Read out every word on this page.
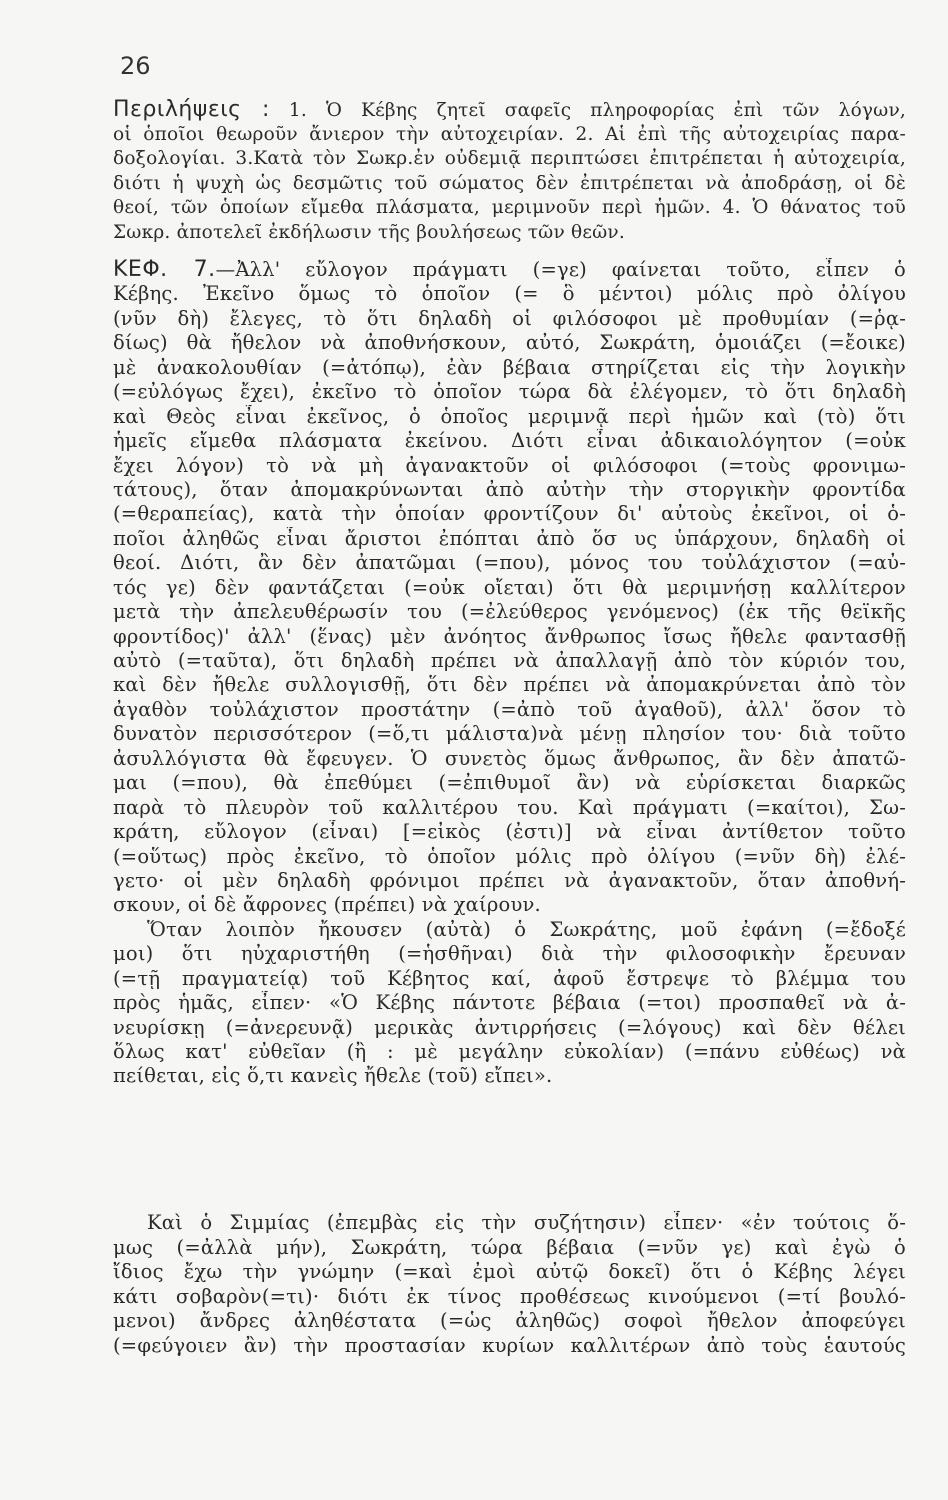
26
Περιλήψεις : 1. Ὁ Κέβης ζητεῖ σαφεῖς πληροφορίας ἐπὶ τῶν λόγων,
οἱ ὁποῖοι θεωροῦν ἄνιερον τὴν αὐτοχειρίαν. 2. Αἱ ἐπὶ τῆς αὐτοχειρίας παρα-
δοξολογίαι. 3.Κατὰ τὸν Σωκρ.ἐν οὐδεμιᾷ περιπτώσει ἐπιτρέπεται ἡ αὐτοχειρία,
διότι ἡ ψυχὴ ὡς δεσμῶτις τοῦ σώματος δὲν ἐπιτρέπεται νὰ ἀποδράσῃ, οἱ δὲ
θεοί, τῶν ὁποίων εἴμεθα πλάσματα, μεριμνοῦν περὶ ἡμῶν. 4. Ὁ θάνατος τοῦ
Σωκρ. ἀποτελεῖ ἐκδήλωσιν τῆς βουλήσεως τῶν θεῶν.
ΚΕΦ. 7.—Ἀλλ' εὔλογον πράγματι (=γε) φαίνεται τοῦτο, εἶπεν ὁ
Κέβης. Ἐκεῖνο ὅμως τὸ ὁποῖον (= ὃ μέντοι) μόλις πρὸ ὀλίγου
(νῦν δὴ) ἔλεγες, τὸ ὅτι δηλαδὴ οἱ φιλόσοφοι μὲ προθυμίαν (=ῥᾳ-
δίως) θὰ ἤθελον νὰ ἀποθνήσκουν, αὐτό, Σωκράτη, ὁμοιάζει (=ἔοικε)
μὲ ἀνακολουθίαν (=ἀτόπῳ), ἐὰν βέβαια στηρίζεται εἰς τὴν λογικὴν
(=εὐλόγως ἔχει), ἐκεῖνο τὸ ὁποῖον τώρα δὰ ἐλέγομεν, τὸ ὅτι δηλαδὴ
καὶ Θεὸς εἶναι ἐκεῖνος, ὁ ὁποῖος μεριμνᾷ περὶ ἡμῶν καὶ (τὸ) ὅτι
ἡμεῖς εἴμεθα πλάσματα ἐκείνου. Διότι εἶναι ἀδικαιολόγητον (=οὐκ
ἔχει λόγον) τὸ νὰ μὴ ἀγανακτοῦν οἱ φιλόσοφοι (=τοὺς φρονιμω-
τάτους), ὅταν ἀπομακρύνωνται ἀπὸ αὐτὴν τὴν στοργικὴν φροντίδα
(=θεραπείας), κατὰ τὴν ὁποίαν φροντίζουν δι' αὐτοὺς ἐκεῖνοι, οἱ ὁ-
ποῖοι ἀληθῶς εἶναι ἄριστοι ἐπόπται ἀπὸ ὅσ υς ὑπάρχουν, δηλαδὴ οἱ
θεοί. Διότι, ἂν δὲν ἀπατῶμαι (=που), μόνος του τοὐλάχιστον (=αὐ-
τός γε) δὲν φαντάζεται (=οὐκ οἴεται) ὅτι θὰ μεριμνήσῃ καλλίτερον
μετὰ τὴν ἀπελευθέρωσίν του (=ἐλεύθερος γενόμενος) (ἐκ τῆς θεϊκῆς
φροντίδος)' ἀλλ' (ἕνας) μὲν ἀνόητος ἄνθρωπος ἴσως ἤθελε φαντασθῇ
αὐτὸ (=ταῦτα), ὅτι δηλαδὴ πρέπει νὰ ἀπαλλαγῇ ἀπὸ τὸν κύριόν του,
καὶ δὲν ἤθελε συλλογισθῇ, ὅτι δὲν πρέπει νὰ ἀπομακρύνεται ἀπὸ τὸν
ἀγαθὸν τοὐλάχιστον προστάτην (=ἀπὸ τοῦ ἀγαθοῦ), ἀλλ' ὅσον τὸ
δυνατὸν περισσότερον (=ὅ,τι μάλιστα)νὰ μένῃ πλησίον του· διὰ τοῦτο
ἀσυλλόγιστα θὰ ἔφευγεν. Ὁ συνετὸς ὅμως ἄνθρωπος, ἂν δὲν ἀπατῶ-
μαι (=που), θὰ ἐπεθύμει (=ἐπιθυμοῖ ἂν) νὰ εὑρίσκεται διαρκῶς
παρὰ τὸ πλευρὸν τοῦ καλλιτέρου του. Καὶ πράγματι (=καίτοι), Σω-
κράτη, εὔλογον (εἶναι) [=εἰκὸς (ἐστι)] νὰ εἶναι ἀντίθετον τοῦτο
(=οὕτως) πρὸς ἐκεῖνο, τὸ ὁποῖον μόλις πρὸ ὀλίγου (=νῦν δὴ) ἐλέ-
γετο· οἱ μὲν δηλαδὴ φρόνιμοι πρέπει νὰ ἀγανακτοῦν, ὅταν ἀποθνή-
σκουν, οἱ δὲ ἄφρονες (πρέπει) νὰ χαίρουν.
Ὅταν λοιπὸν ἤκουσεν (αὐτὰ) ὁ Σωκράτης, μοῦ ἐφάνη (=ἔδοξέ
μοι) ὅτι ηὐχαριστήθη (=ἡσθῆναι) διὰ τὴν φιλοσοφικὴν ἔρευναν
(=τῇ πραγματείᾳ) τοῦ Κέβητος καί, ἀφοῦ ἔστρεψε τὸ βλέμμα του
πρὸς ἡμᾶς, εἶπεν· «Ὁ Κέβης πάντοτε βέβαια (=τοι) προσπαθεῖ νὰ ἀ-
νευρίσκῃ (=ἀνερευνᾷ) μερικὰς ἀντιρρήσεις (=λόγους) καὶ δὲν θέλει
ὅλως κατ' εὐθεῖαν (ἢ : μὲ μεγάλην εὐκολίαν) (=πάνυ εὐθέως) νὰ
πείθεται, εἰς ὅ,τι κανεὶς ἤθελε (τοῦ) εἴπει».
Καὶ ὁ Σιμμίας (ἐπεμβὰς εἰς τὴν συζήτησιν) εἶπεν· «ἐν τούτοις ὅ-
μως (=ἀλλὰ μήν), Σωκράτη, τώρα βέβαια (=νῦν γε) καὶ ἐγὼ ὁ
ἴδιος ἔχω τὴν γνώμην (=καὶ ἐμοὶ αὐτῷ δοκεῖ) ὅτι ὁ Κέβης λέγει
κάτι σοβαρὸν(=τι)· διότι ἐκ τίνος προθέσεως κινούμενοι (=τί βουλό-
μενοι) ἄνδρες ἀληθέστατα (=ὡς ἀληθῶς) σοφοὶ ἤθελον ἀποφεύγει
(=φεύγοιεν ἂν) τὴν προστασίαν κυρίων καλλιτέρων ἀπὸ τοὺς ἑαυτούς
